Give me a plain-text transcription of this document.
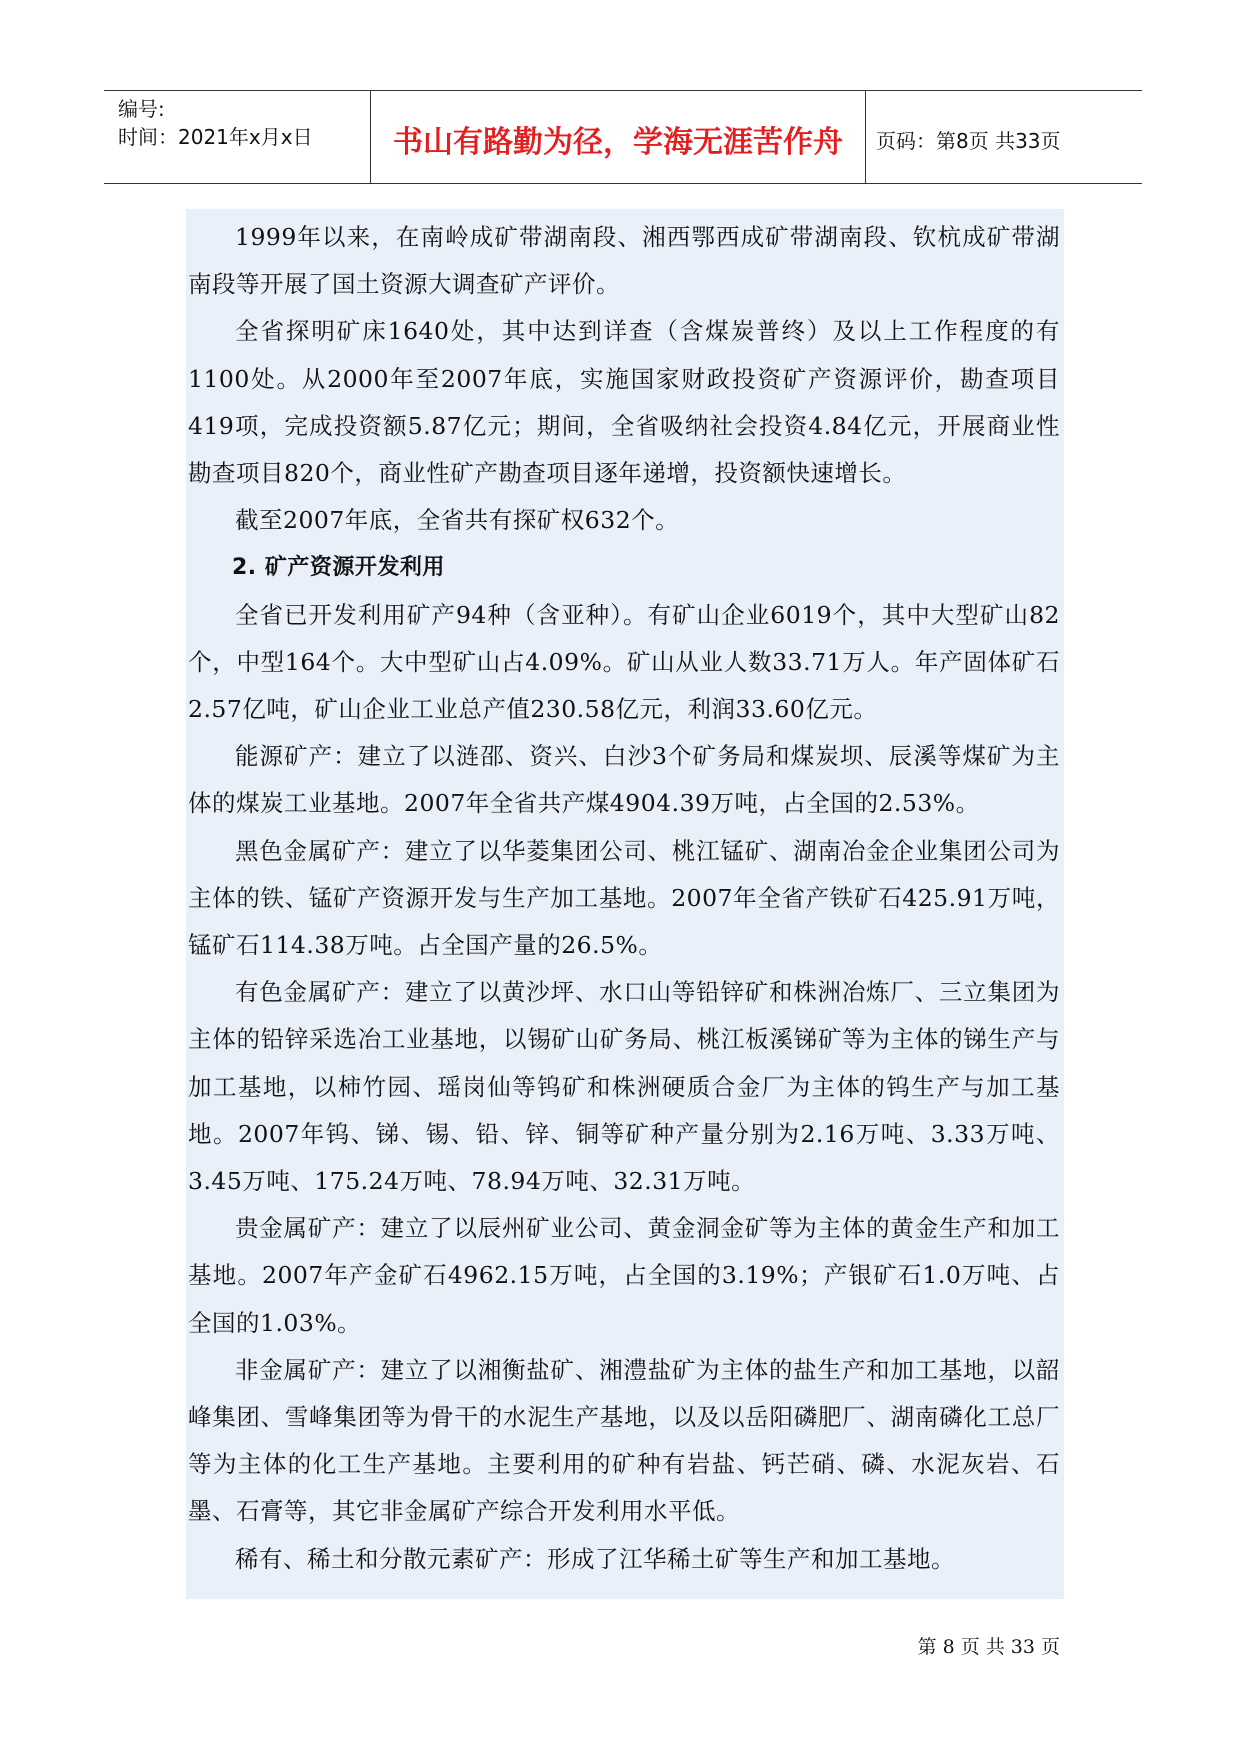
编号:
时间：2021年x月x日	书山有路勤为径，学海无涯苦作舟	页码：第8页 共33页

1999年以来，在南岭成矿带湖南段、湘西鄂西成矿带湖南段、钦杭成矿带湖南段等开展了国土资源大调查矿产评价。

全省探明矿床1640处，其中达到详查（含煤炭普终）及以上工作程度的有1100处。从2000年至2007年底，实施国家财政投资矿产资源评价，勘查项目419项，完成投资额5.87亿元；期间，全省吸纳社会投资4.84亿元，开展商业性勘查项目820个，商业性矿产勘查项目逐年递增，投资额快速增长。

截至2007年底，全省共有探矿权632个。

2. 矿产资源开发利用

全省已开发利用矿产94种（含亚种）。有矿山企业6019个，其中大型矿山82个，中型164个。大中型矿山占4.09%。矿山从业人数33.71万人。年产固体矿石2.57亿吨，矿山企业工业总产值230.58亿元，利润33.60亿元。

能源矿产：建立了以涟邵、资兴、白沙3个矿务局和煤炭坝、辰溪等煤矿为主体的煤炭工业基地。2007年全省共产煤4904.39万吨，占全国的2.53%。

黑色金属矿产：建立了以华菱集团公司、桃江锰矿、湖南冶金企业集团公司为主体的铁、锰矿产资源开发与生产加工基地。2007年全省产铁矿石425.91万吨，锰矿石114.38万吨。占全国产量的26.5%。

有色金属矿产：建立了以黄沙坪、水口山等铅锌矿和株洲冶炼厂、三立集团为主体的铅锌采选冶工业基地，以锡矿山矿务局、桃江板溪锑矿等为主体的锑生产与加工基地，以柿竹园、瑶岗仙等钨矿和株洲硬质合金厂为主体的钨生产与加工基地。2007年钨、锑、锡、铅、锌、铜等矿种产量分别为2.16万吨、3.33万吨、3.45万吨、175.24万吨、78.94万吨、32.31万吨。

贵金属矿产：建立了以辰州矿业公司、黄金洞金矿等为主体的黄金生产和加工基地。2007年产金矿石4962.15万吨，占全国的3.19%；产银矿石1.0万吨、占全国的1.03%。

非金属矿产：建立了以湘衡盐矿、湘澧盐矿为主体的盐生产和加工基地，以韶峰集团、雪峰集团等为骨干的水泥生产基地，以及以岳阳磷肥厂、湖南磷化工总厂等为主体的化工生产基地。主要利用的矿种有岩盐、钙芒硝、磷、水泥灰岩、石墨、石膏等，其它非金属矿产综合开发利用水平低。

稀有、稀土和分散元素矿产：形成了江华稀土矿等生产和加工基地。

第 8 页 共 33 页
